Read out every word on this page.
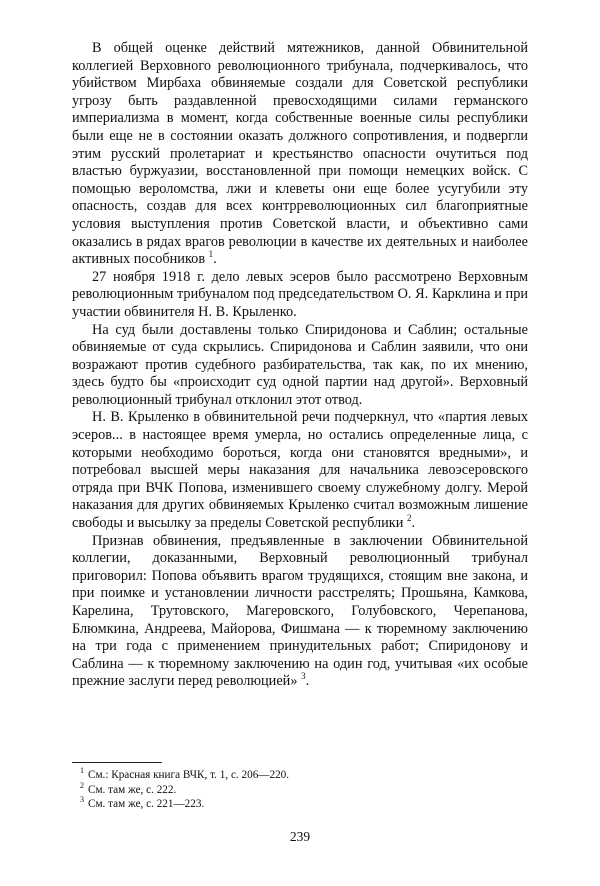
В общей оценке действий мятежников, данной Обвинительной коллегией Верховного революционного трибунала, подчеркивалось, что убийством Мирбаха обвиняемые создали для Советской республики угрозу быть раздавленной превосходящими силами германского империализма в момент, когда собственные военные силы республики были еще не в состоянии оказать должного сопротивления, и подвергли этим русский пролетариат и крестьянство опасности очутиться под властью буржуазии, восстановленной при помощи немецких войск. С помощью вероломства, лжи и клеветы они еще более усугубили эту опасность, создав для всех контрреволюционных сил благоприятные условия выступления против Советской власти, и объективно сами оказались в рядах врагов революции в качестве их деятельных и наиболее активных пособников $^1$.

27 ноября 1918 г. дело левых эсеров было рассмотрено Верховным революционным трибуналом под председательством О. Я. Карклина и при участии обвинителя Н. В. Крыленко.

На суд были доставлены только Спиридонова и Саблин; остальные обвиняемые от суда скрылись. Спиридонова и Саблин заявили, что они возражают против судебного разбирательства, так как, по их мнению, здесь будто бы «происходит суд одной партии над другой». Верховный революционный трибунал отклонил этот отвод.

Н. В. Крыленко в обвинительной речи подчеркнул, что «партия левых эсеров... в настоящее время умерла, но остались определенные лица, с которыми необходимо бороться, когда они становятся вредными», и потребовал высшей меры наказания для начальника левоэсеровского отряда при ВЧК Попова, изменившего своему служебному долгу. Мерой наказания для других обвиняемых Крыленко считал возможным лишение свободы и высылку за пределы Советской республики $^2$.

Признав обвинения, предъявленные в заключении Обвинительной коллегии, доказанными, Верховный революционный трибунал приговорил: Попова объявить врагом трудящихся, стоящим вне закона, и при поимке и установлении личности расстрелять; Прошьяна, Камкова, Карелина, Трутовского, Магеровского, Голубовского, Черепанова, Блюмкина, Андреева, Майорова, Фишмана — к тюремному заключению на три года с применением принудительных работ; Спиридонову и Саблина — к тюремному заключению на один год, учитывая «их особые прежние заслуги перед революцией» $^3$.

$^1$ См.: Красная книга ВЧК, т. 1, с. 206—220.
$^2$ См. там же, с. 222.
$^3$ См. там же, с. 221—223.
239
